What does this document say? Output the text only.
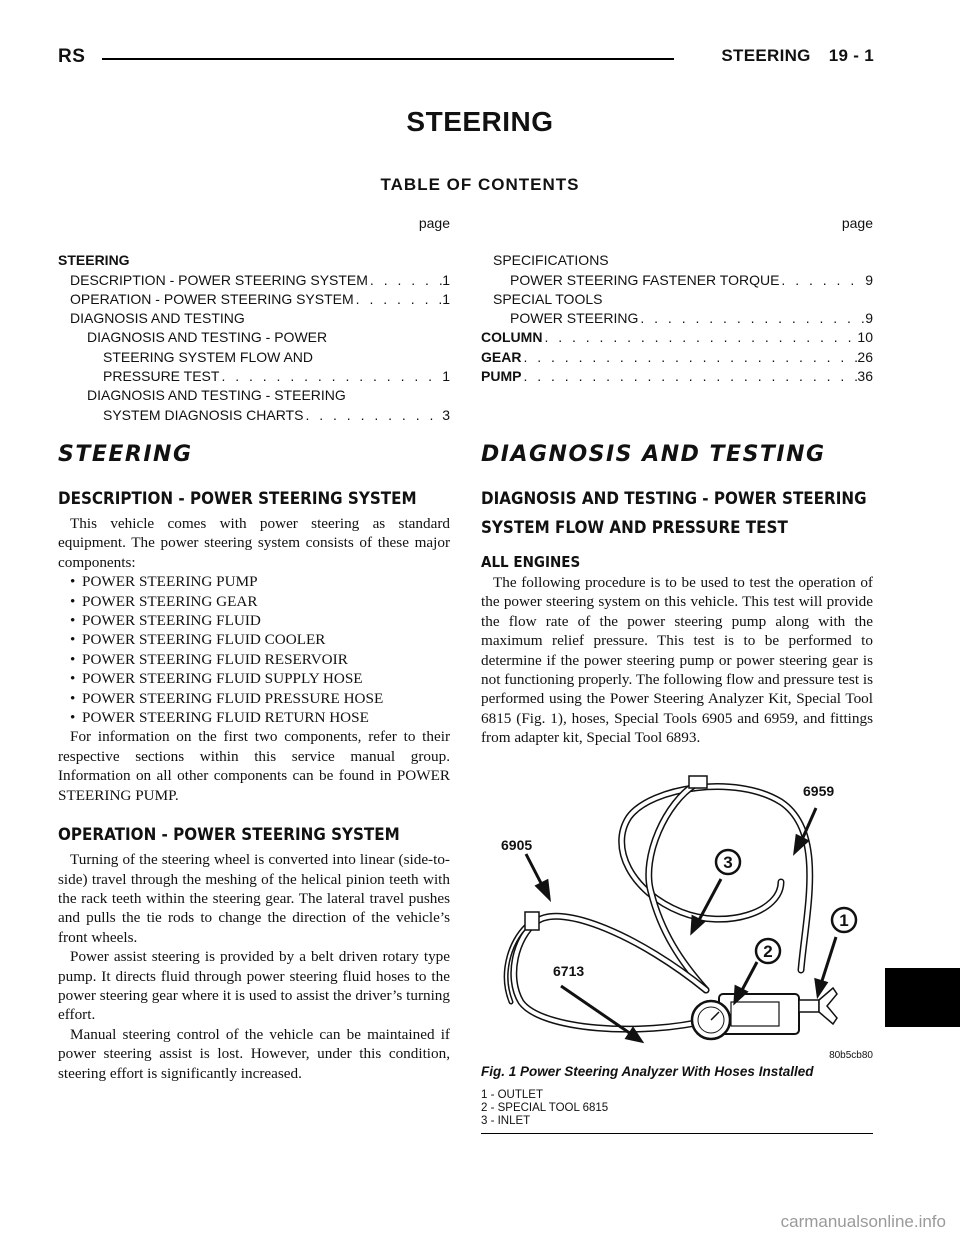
RS	STEERING 19 - 1
STEERING
TABLE OF CONTENTS
page
STEERING
DESCRIPTION - POWER STEERING SYSTEM . . .	1
OPERATION - POWER STEERING SYSTEM . . .	1
DIAGNOSIS AND TESTING
DIAGNOSIS AND TESTING - POWER
STEERING SYSTEM FLOW AND
PRESSURE TEST . . .	1
DIAGNOSIS AND TESTING - STEERING
SYSTEM DIAGNOSIS CHARTS . . .	3
page
SPECIFICATIONS
POWER STEERING FASTENER TORQUE . . .	9
SPECIAL TOOLS
POWER STEERING . . .	9
COLUMN . . .	10
GEAR . . .	26
PUMP . . .	36
STEERING
DESCRIPTION - POWER STEERING SYSTEM

This vehicle comes with power steering as standard equipment. The power steering system consists of these major components:

• POWER STEERING PUMP
• POWER STEERING GEAR
• POWER STEERING FLUID
• POWER STEERING FLUID COOLER
• POWER STEERING FLUID RESERVOIR
• POWER STEERING FLUID SUPPLY HOSE
• POWER STEERING FLUID PRESSURE HOSE
• POWER STEERING FLUID RETURN HOSE

For information on the first two components, refer to their respective sections within this service manual group. Information on all other components can be found in POWER STEERING PUMP.

OPERATION - POWER STEERING SYSTEM

Turning of the steering wheel is converted into linear (side-to-side) travel through the meshing of the helical pinion teeth with the rack teeth within the steering gear. The lateral travel pushes and pulls the tie rods to change the direction of the vehicle’s front wheels.

Power assist steering is provided by a belt driven rotary type pump. It directs fluid through power steering fluid hoses to the power steering gear where it is used to assist the driver’s turning effort.

Manual steering control of the vehicle can be maintained if power steering assist is lost. However, under this condition, steering effort is significantly increased.

DIAGNOSIS AND TESTING
DIAGNOSIS AND TESTING - POWER STEERING
SYSTEM FLOW AND PRESSURE TEST
ALL ENGINES

The following procedure is to be used to test the operation of the power steering system on this vehicle. This test will provide the flow rate of the power steering pump along with the maximum relief pressure. This test is to be performed to determine if the power steering pump or power steering gear is not functioning properly. The following flow and pressure test is performed using the Power Steering Analyzer Kit, Special Tool 6815 (Fig. 1), hoses, Special Tools 6905 and 6959, and fittings from adapter kit, Special Tool 6893.

1
2
3
6959
6905
6713
80b5cb80
Fig. 1 Power Steering Analyzer With Hoses Installed
1 - OUTLET
2 - SPECIAL TOOL 6815
3 - INLET
carmanualsonline.info
